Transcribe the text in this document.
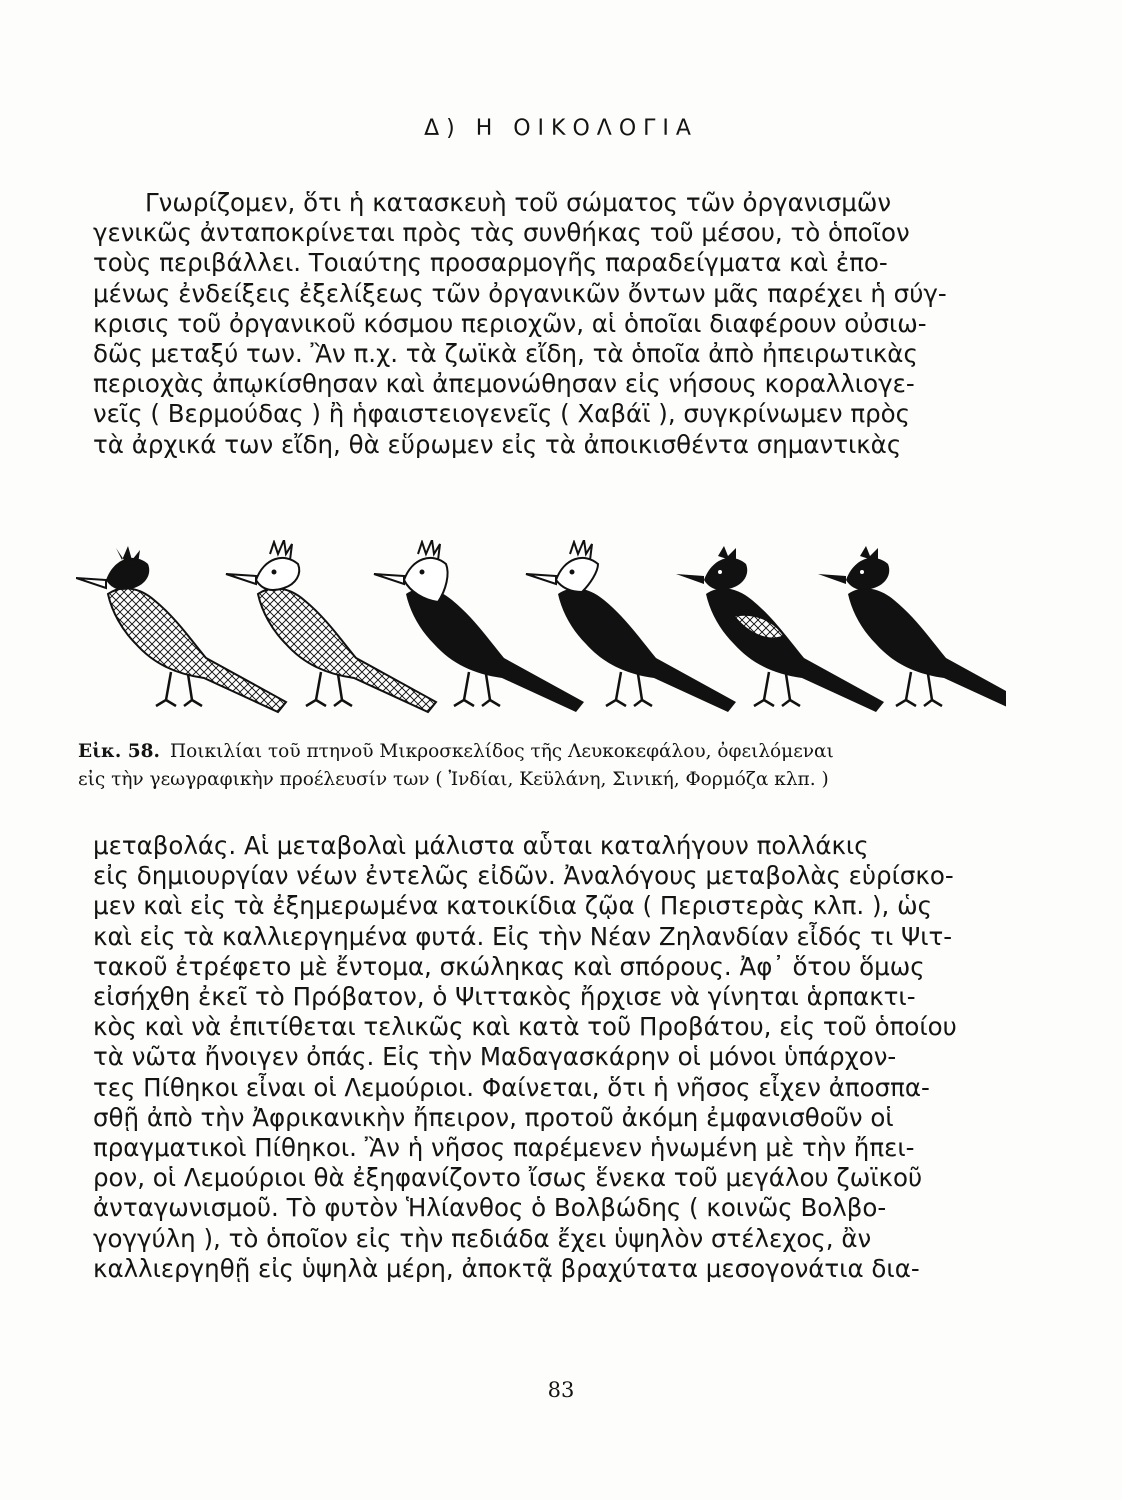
Δ) Η ΟΙΚΟΛΟΓΙΑ
Γνωρίζομεν, ὅτι ἡ κατασκευὴ τοῦ σώματος τῶν ὀργανισμῶν
γενικῶς ἀνταποκρίνεται πρὸς τὰς συνθήκας τοῦ μέσου, τὸ ὁποῖον
τοὺς περιβάλλει. Τοιαύτης προσαρμογῆς παραδείγματα καὶ ἐπο-
μένως ἐνδείξεις ἐξελίξεως τῶν ὀργανικῶν ὄντων μᾶς παρέχει ἡ σύγ-
κρισις τοῦ ὀργανικοῦ κόσμου περιοχῶν, αἱ ὁποῖαι διαφέρουν οὐσιω-
δῶς μεταξύ των. Ἂν π.χ. τὰ ζωϊκὰ εἴδη, τὰ ὁποῖα ἀπὸ ἠπειρωτικὰς
περιοχὰς ἀπῳκίσθησαν καὶ ἀπεμονώθησαν εἰς νήσους κοραλλιογε-
νεῖς ( Βερμούδας ) ἢ ἡφαιστειογενεῖς ( Χαβάϊ ), συγκρίνωμεν πρὸς
τὰ ἀρχικά των εἴδη, θὰ εὕρωμεν εἰς τὰ ἀποικισθέντα σημαντικὰς
Εἰκ. 58. Ποικιλίαι τοῦ πτηνοῦ Μικροσκελίδος τῆς Λευκοκεφάλου, ὀφειλόμεναι
εἰς τὴν γεωγραφικὴν προέλευσίν των ( Ἰνδίαι, Κεϋλάνη, Σινική, Φορμόζα κλπ. )
μεταβολάς. Αἱ μεταβολαὶ μάλιστα αὗται καταλήγουν πολλάκις
εἰς δημιουργίαν νέων ἐντελῶς εἰδῶν. Ἀναλόγους μεταβολὰς εὑρίσκο-
μεν καὶ εἰς τὰ ἐξημερωμένα κατοικίδια ζῷα ( Περιστερὰς κλπ. ), ὡς
καὶ εἰς τὰ καλλιεργημένα φυτά. Εἰς τὴν Νέαν Ζηλανδίαν εἶδός τι Ψιτ-
τακοῦ ἐτρέφετο μὲ ἔντομα, σκώληκας καὶ σπόρους. Ἀφ᾽ ὅτου ὅμως
εἰσήχθη ἐκεῖ τὸ Πρόβατον, ὁ Ψιττακὸς ἤρχισε νὰ γίνηται ἁρπακτι-
κὸς καὶ νὰ ἐπιτίθεται τελικῶς καὶ κατὰ τοῦ Προβάτου, εἰς τοῦ ὁποίου
τὰ νῶτα ἤνοιγεν ὀπάς. Εἰς τὴν Μαδαγασκάρην οἱ μόνοι ὑπάρχον-
τες Πίθηκοι εἶναι οἱ Λεμούριοι. Φαίνεται, ὅτι ἡ νῆσος εἶχεν ἀποσπα-
σθῇ ἀπὸ τὴν Ἀφρικανικὴν ἤπειρον, προτοῦ ἀκόμη ἐμφανισθοῦν οἱ
πραγματικοὶ Πίθηκοι. Ἂν ἡ νῆσος παρέμενεν ἡνωμένη μὲ τὴν ἤπει-
ρον, οἱ Λεμούριοι θὰ ἐξηφανίζοντο ἴσως ἕνεκα τοῦ μεγάλου ζωϊκοῦ
ἀνταγωνισμοῦ. Τὸ φυτὸν Ἡλίανθος ὁ Βολβώδης ( κοινῶς Βολβο-
γογγύλη ), τὸ ὁποῖον εἰς τὴν πεδιάδα ἔχει ὑψηλὸν στέλεχος, ἂν
καλλιεργηθῇ εἰς ὑψηλὰ μέρη, ἀποκτᾷ βραχύτατα μεσογονάτια δια-
83
